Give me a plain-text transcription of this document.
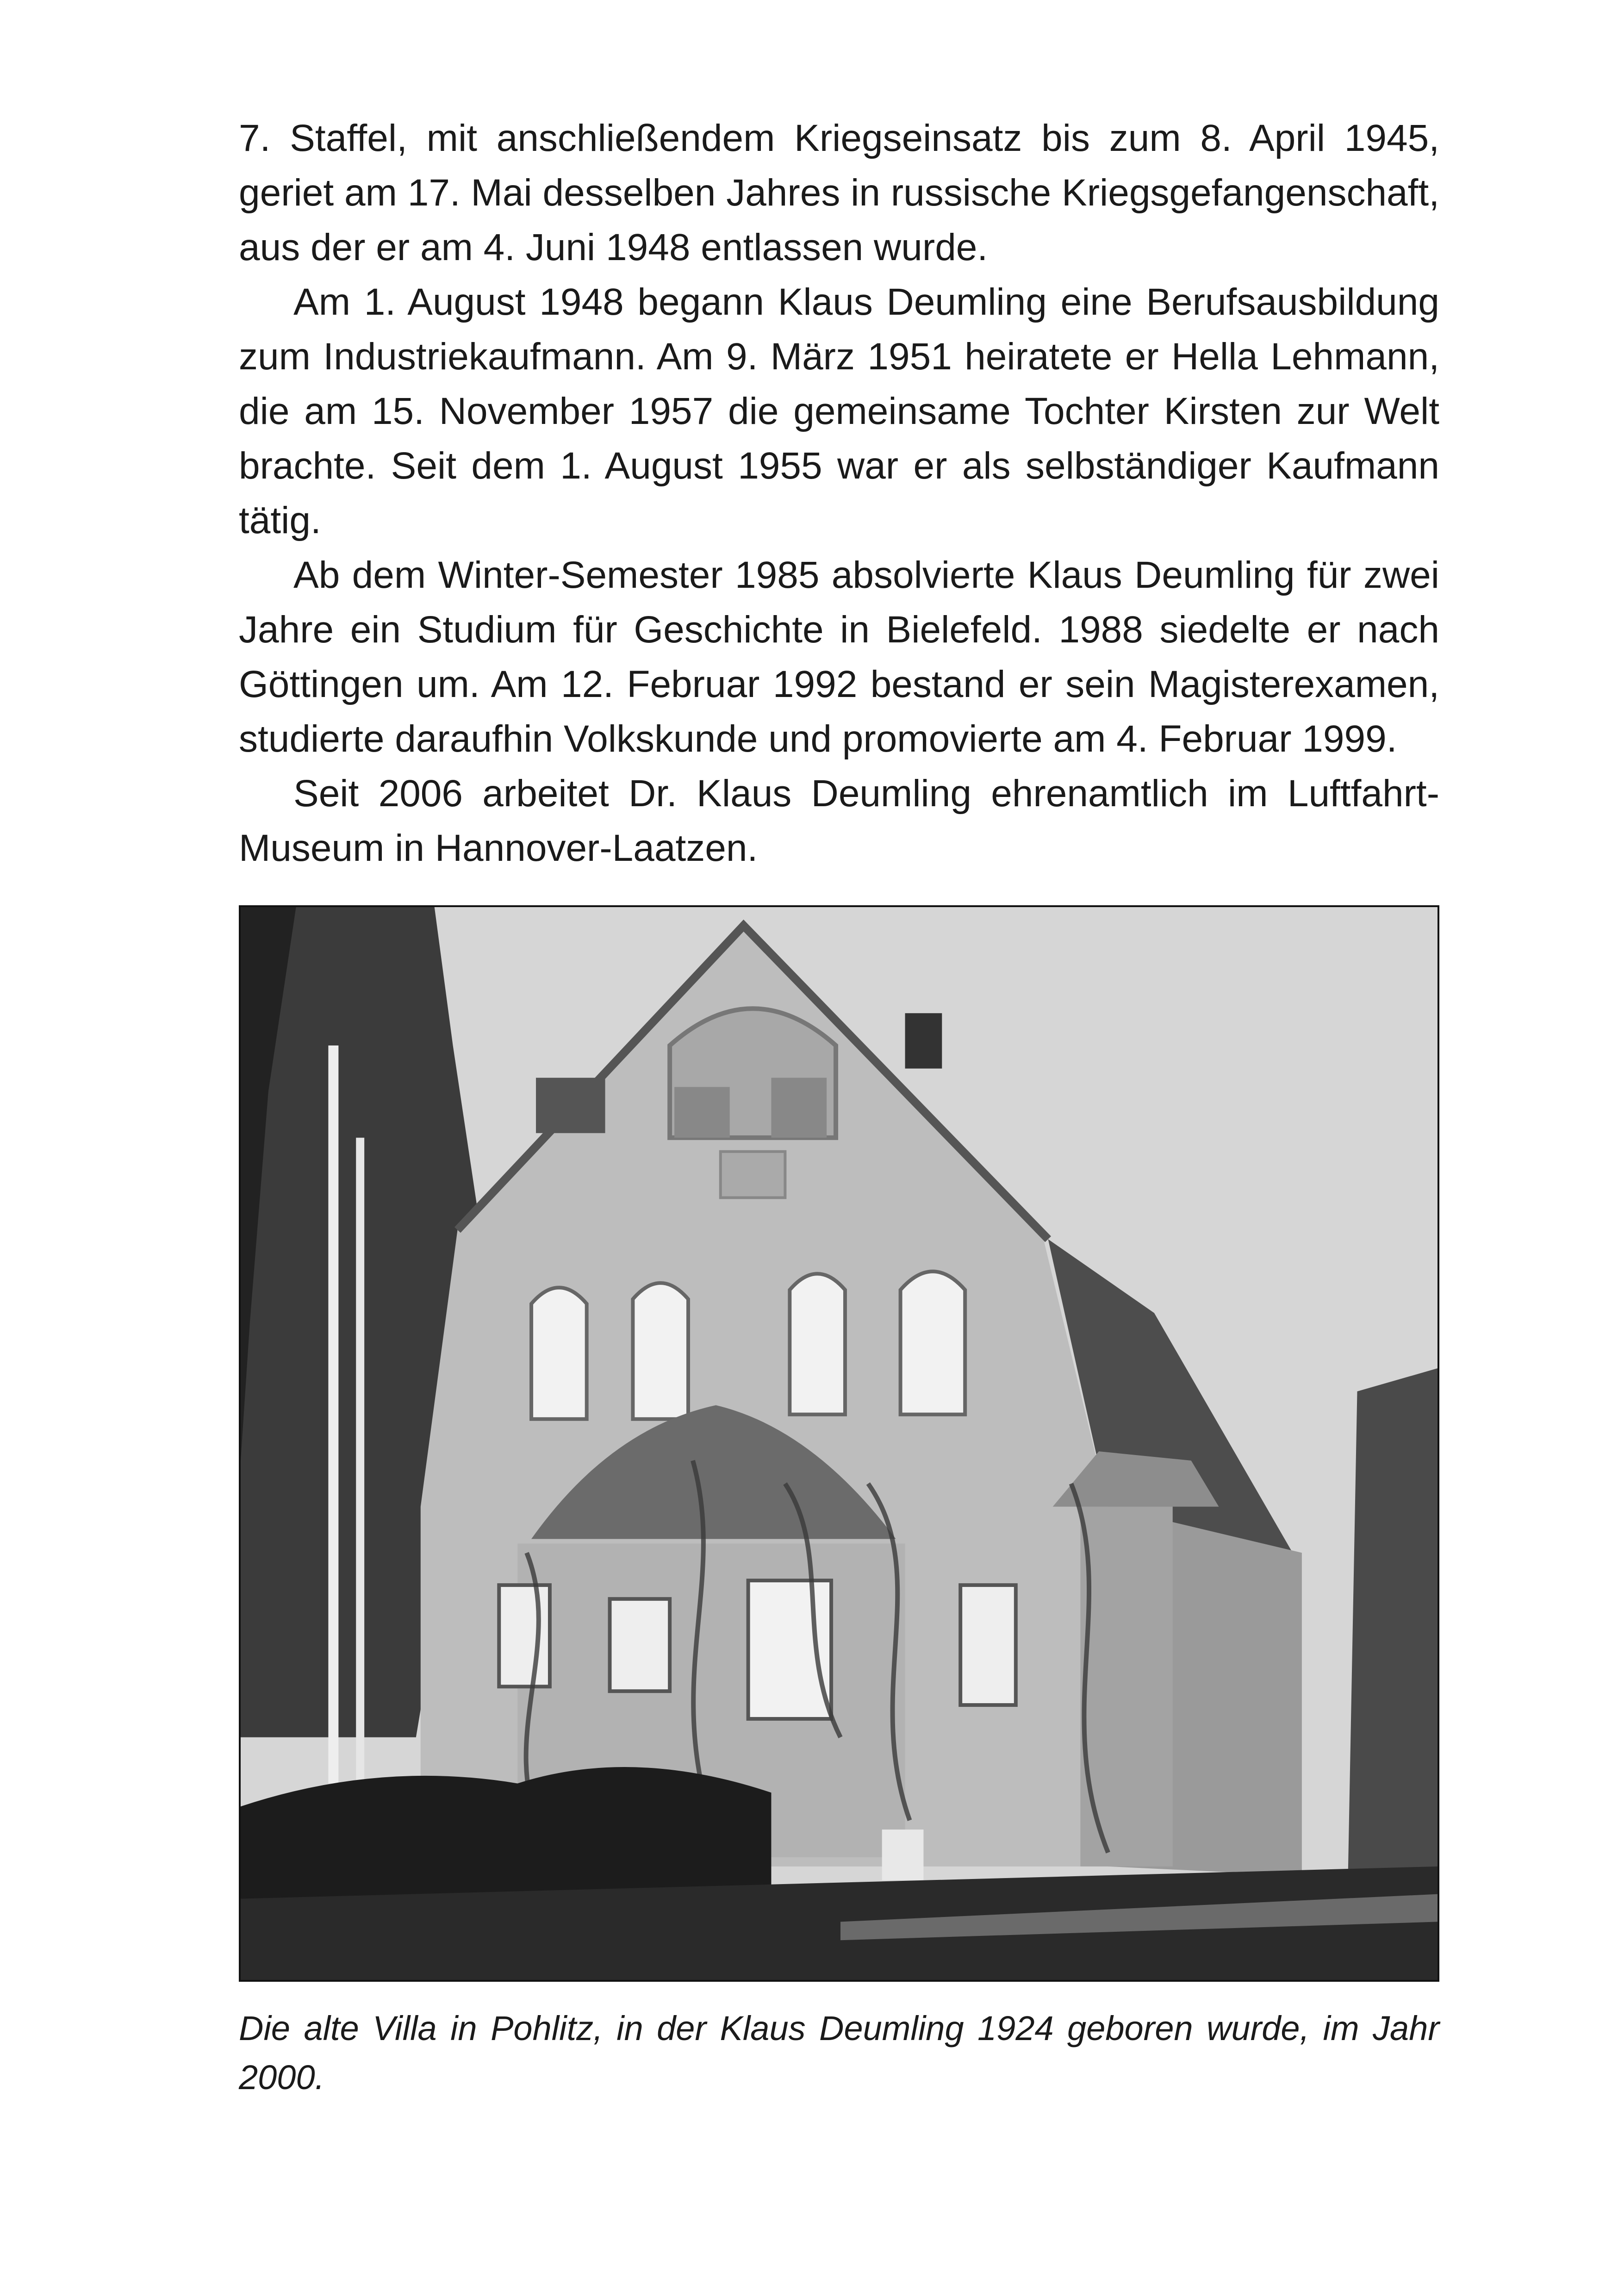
7. Staffel, mit anschließendem Kriegseinsatz bis zum 8. April 1945, geriet am 17. Mai desselben Jahres in russische Kriegsgefangenschaft, aus der er am 4. Juni 1948 entlassen wurde.

Am 1. August 1948 begann Klaus Deumling eine Berufsausbildung zum Industriekaufmann. Am 9. März 1951 heiratete er Hella Lehmann, die am 15. November 1957 die gemeinsame Tochter Kirsten zur Welt brachte. Seit dem 1. August 1955 war er als selbständiger Kaufmann tätig.

Ab dem Winter-Semester 1985 absolvierte Klaus Deumling für zwei Jahre ein Studium für Geschichte in Bielefeld. 1988 siedelte er nach Göttingen um. Am 12. Februar 1992 bestand er sein Magisterexamen, studierte daraufhin Volkskunde und promovierte am 4. Februar 1999.

Seit 2006 arbeitet Dr. Klaus Deumling ehrenamtlich im Luftfahrt-Museum in Hannover-Laatzen.

Die alte Villa in Pohlitz, in der Klaus Deumling 1924 geboren wurde, im Jahr 2000.
